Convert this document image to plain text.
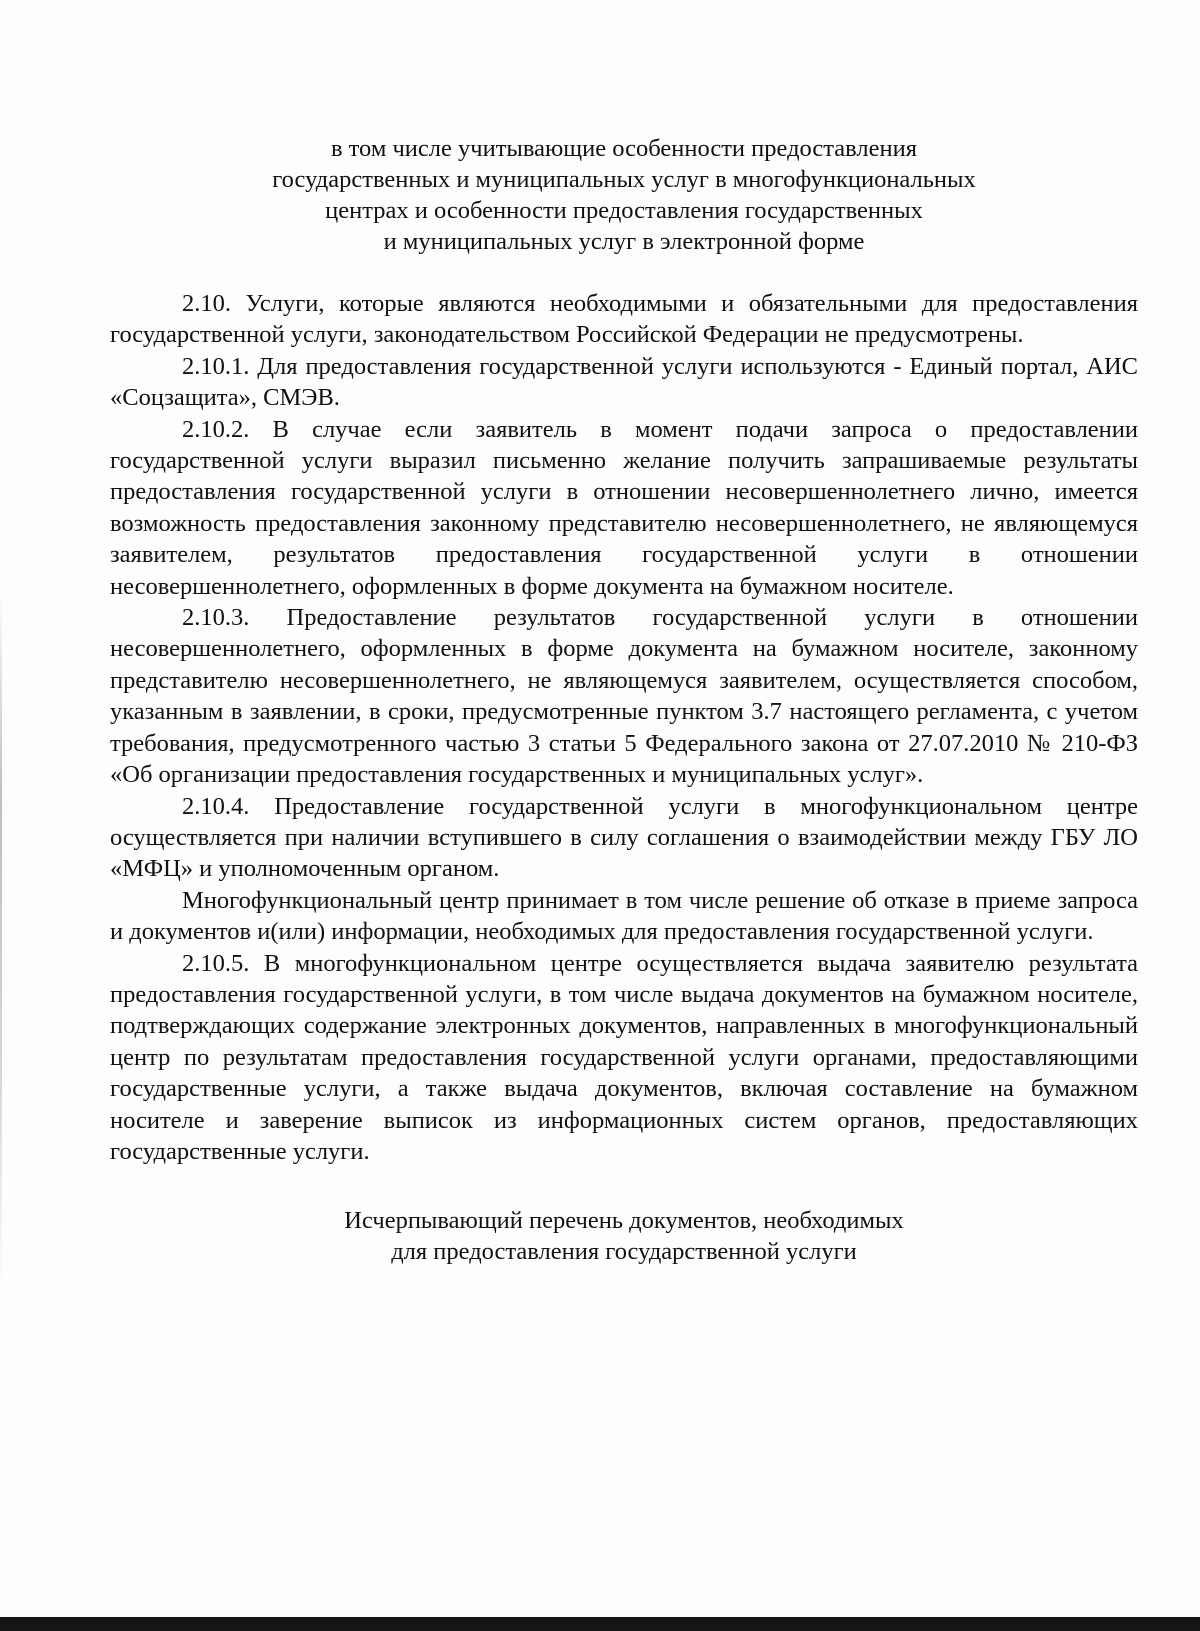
в том числе учитывающие особенности предоставления
государственных и муниципальных услуг в многофункциональных
центрах и особенности предоставления государственных
и муниципальных услуг в электронной форме

2.10. Услуги, которые являются необходимыми и обязательными для предоставления государственной услуги, законодательством Российской Федерации не предусмотрены.

2.10.1. Для предоставления государственной услуги используются - Единый портал, АИС «Соцзащита», СМЭВ.

2.10.2. В случае если заявитель в момент подачи запроса о предоставлении государственной услуги выразил письменно желание получить запрашиваемые результаты предоставления государственной услуги в отношении несовершеннолетнего лично, имеется возможность предоставления законному представителю несовершеннолетнего, не являющемуся заявителем, результатов предоставления государственной услуги в отношении несовершеннолетнего, оформленных в форме документа на бумажном носителе.

2.10.3. Предоставление результатов государственной услуги в отношении несовершеннолетнего, оформленных в форме документа на бумажном носителе, законному представителю несовершеннолетнего, не являющемуся заявителем, осуществляется способом, указанным в заявлении, в сроки, предусмотренные пунктом 3.7 настоящего регламента, с учетом требования, предусмотренного частью 3 статьи 5 Федерального закона от 27.07.2010 № 210-ФЗ «Об организации предоставления государственных и муниципальных услуг».

2.10.4. Предоставление государственной услуги в многофункциональном центре осуществляется при наличии вступившего в силу соглашения о взаимодействии между ГБУ ЛО «МФЦ» и уполномоченным органом.

Многофункциональный центр принимает в том числе решение об отказе в приеме запроса и документов и(или) информации, необходимых для предоставления государственной услуги.

2.10.5. В многофункциональном центре осуществляется выдача заявителю результата предоставления государственной услуги, в том числе выдача документов на бумажном носителе, подтверждающих содержание электронных документов, направленных в многофункциональный центр по результатам предоставления государственной услуги органами, предоставляющими государственные услуги, а также выдача документов, включая составление на бумажном носителе и заверение выписок из информационных систем органов, предоставляющих государственные услуги.

Исчерпывающий перечень документов, необходимых
для предоставления государственной услуги
